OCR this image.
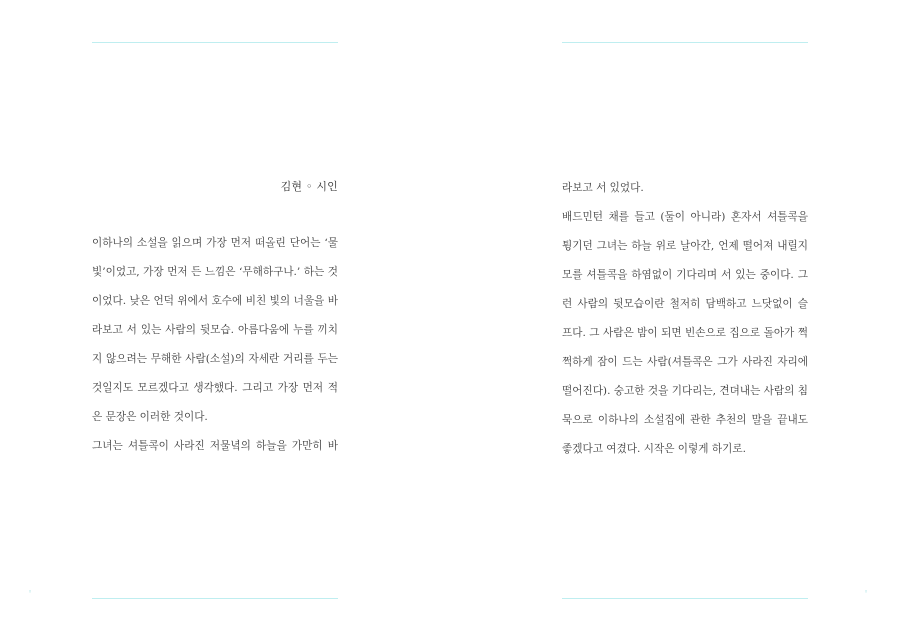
◦	◦
김현 ◦ 시인
이하나의 소설을 읽으며 가장 먼저 떠올린 단어는 ‘물
빛’이었고, 가장 먼저 든 느낌은 ‘무해하구나.’ 하는 것
이었다. 낮은 언덕 위에서 호수에 비친 빛의 너울을 바
라보고 서 있는 사람의 뒷모습. 아름다움에 누를 끼치
지 않으려는 무해한 사람(소설)의 자세란 거리를 두는
것일지도 모르겠다고 생각했다. 그리고 가장 먼저 적
은 문장은 이러한 것이다.
그녀는 셔틀콕이 사라진 저물녘의 하늘을 가만히 바
라보고 서 있었다.
배드민턴 채를 들고 (둘이 아니라) 혼자서 셔틀콕을
튕기던 그녀는 하늘 위로 날아간, 언제 떨어져 내릴지
모를 셔틀콕을 하염없이 기다리며 서 있는 중이다. 그
런 사람의 뒷모습이란 철저히 담백하고 느닷없이 슬
프다. 그 사람은 밤이 되면 빈손으로 집으로 돌아가 쩍
쩍하게 잠이 드는 사람(셔틀콕은 그가 사라진 자리에
떨어진다). 숭고한 것을 기다리는, 견뎌내는 사람의 침
묵으로 이하나의 소설집에 관한 추천의 말을 끝내도
좋겠다고 여겼다. 시작은 이렇게 하기로.
